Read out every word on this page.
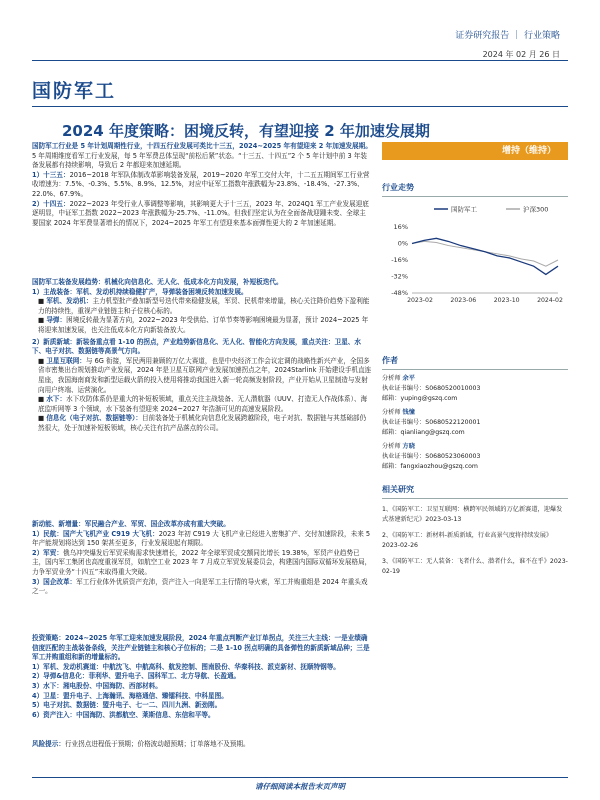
证券研究报告 ｜ 行业策略
2024 年 02 月 26 日
国防军工
2024 年度策略：困境反转，有望迎接 2 年加速发展期

国防军工行业是 5 年计划周期性行业，十四五行业发展可类比十三五，2024~2025 年有望迎来 2 年加速发展期。5 年周期维度看军工行业发展，每 5 年军费总体呈现“前松后紧”状态。“十三五、十四五”2 个 5 年计划中前 3 年装备发展都有持续影响，导致后 2 年都迎来加速延期。

1）十三五：2016~2018 年军队体制改革影响装备发展，2019~2020 年军工交付大年，十二五五期间军工行业营收增速为：7.5%、-0.3%、5.5%、8.9%、12.5%，对应中证军工指数年涨跌幅为-23.8%、-18.4%、-27.3%、22.0%、67.9%。

2）十四五：2022~2023 年受行业人事调整等影响，其影响更大于十三五，2023 年、2024Q1 军工产业发展迎底逐明显，中证军工指数 2022~2023 年涨跌幅为-25.7%、-11.0%。但我们坚定认为在全面备战迎踵未变、全球主要国家 2024 年军费显著增长的情况下，2024~2025 年军工有望迎来基本面弹性更大的 2 年加速延期。

国防军工装备发展趋势：机械化向信息化、无人化、低成本化方向发展，补短板迭代。

1）主战装备：军机、发动机持续稳健扩产，导弹装备困境反转加速发展。

■ 军机、发动机：主力机型批产叠加新型号迭代带来稳健发展，军贸、民机带来增量，核心关注降价趋势下盈利能力的持续性，重视产业链链主和子位核心标的。

■ 导弹：困境反转最为显著方向，2022~2023 年受供给、订单节奏等影响困境最为显著，预计 2024~2025 年将迎来加速发展，也关注低成本化方向新装备放大。

2）新质新域：新装备重点看 1-10 的拐点，产业趋势新信息化、无人化、智能化方向发展，重点关注：卫星、水下、电子对抗、数据链等高景气方向。

■ 卫星互联网：与 6G 衔接，军民两用兼顾的万亿大赛道，也是中央经济工作会议定调的战略性新兴产业，全国多省市密集出台规划推动产业发展，2024 年是卫星互联网产业发展加速拐点之年，2024Starlink 开始建设手机直连星座，我国海南商发和新型运载火箭的投入使用将推动我国进入新一轮高频发射阶段，产业开始从卫星制造与发射向用户终端、运营演化。

■ 水下：水下攻防体系仍是重大的补短板领域，重点关注主战装备、无人潜航器（UUV、打造无人作战体系）、海底监听网等 3 个领域，水下装备有望迎来 2024~2027 年浩渐可见的高速发展阶段。

■ 信息化（电子对抗、数据链等）：目前装备处于机械化向信息化发展跨越阶段，电子对抗、数据链与其基础部仍然很大，处于加速补短板领域，核心关注有抗产品落点的公司。

新动能、新增量：军民融合产业、军贸、国企改革亦成有重大突破。

1）民航：国产大飞机产业 C919 大飞机：2023 年初 C919 大飞机产业已经进入密集扩产、交付加速阶段，未来 5 年产能规划将达到 150 架甚至更多，行业发展迎起有期限。

2）军贸：俄乌冲突爆发后军贸采购需求快速增长，2022 年全球军贸成交额同比增长 19.38%，军贸产业趋势已主，国内军工集团也高度重视军贸，如航空工业 2023 年 7 月成立军贸发展委员会，构建国内国际双循环发展格局，力争军贸业务“十四五”末取得重大突破。

3）国企改革：军工行业体外优质资产充沛，资产注入一向是军工主行情的导火索，军工并购重组是 2024 年重头戏之一。

投资策略：2024~2025 年军工迎来加速发展阶段，2024 年重点判断产业订单拐点，关注三大主线：一是业绩确信度匹配的主战装备条线，关注产业链链主和核心子位标的；二是 1-10 拐点明确的具备弹性的新质新域品种；三是军工并购重组和新的增量标的。

1）军机、发动机赛道：中航沈飞、中航高科、航发控制、图南股份、华秦科技、派克新材、抚顺特钢等。

2）导弹&信息化：菲利华、盟升电子、国科军工、北方导航、长盈通。

3）水下：湘电股份、中国海防、西部材料。

4）卫星：盟升电子、上海瀚讯、海格通信、臻镭科技、中科星图。

5）电子对抗、数据链：盟升电子、七一二、四川九洲、新劲刚。

6）资产注入：中国海防、洪都航空、莱斯信息、东信和平等。

风险提示：行业拐点进程低于预期；价格波动超预期；订单落地不及预期。
增持（维持）
行业走势
国防军工	沪深300
16%
0%
-16%
-32%
-48%
2023-02	2023-06	2023-10	2024-02
作者
分析师 余平
执业证书编号：S0680520010003
邮箱：yuping@gszq.com
分析师 钱憧
执业证书编号：S0680522120001
邮箱：qianliang@gszq.com
分析师 方晓
执业证书编号：S0680523060003
邮箱：fangxiaozhou@gszq.com
相关研究

1、《国防军工：卫星互联网：横跨军民领域的万亿新赛道，迎爆发式基建新纪元》2023-03-13

2、《国防军工：新材料-新质新域，行业高景气度将持续发展》2023-02-26

3、《国防军工：无人装备：飞者什么、潜者什么，谁不在乎》2023-02-19

请仔细阅读本报告末页声明
